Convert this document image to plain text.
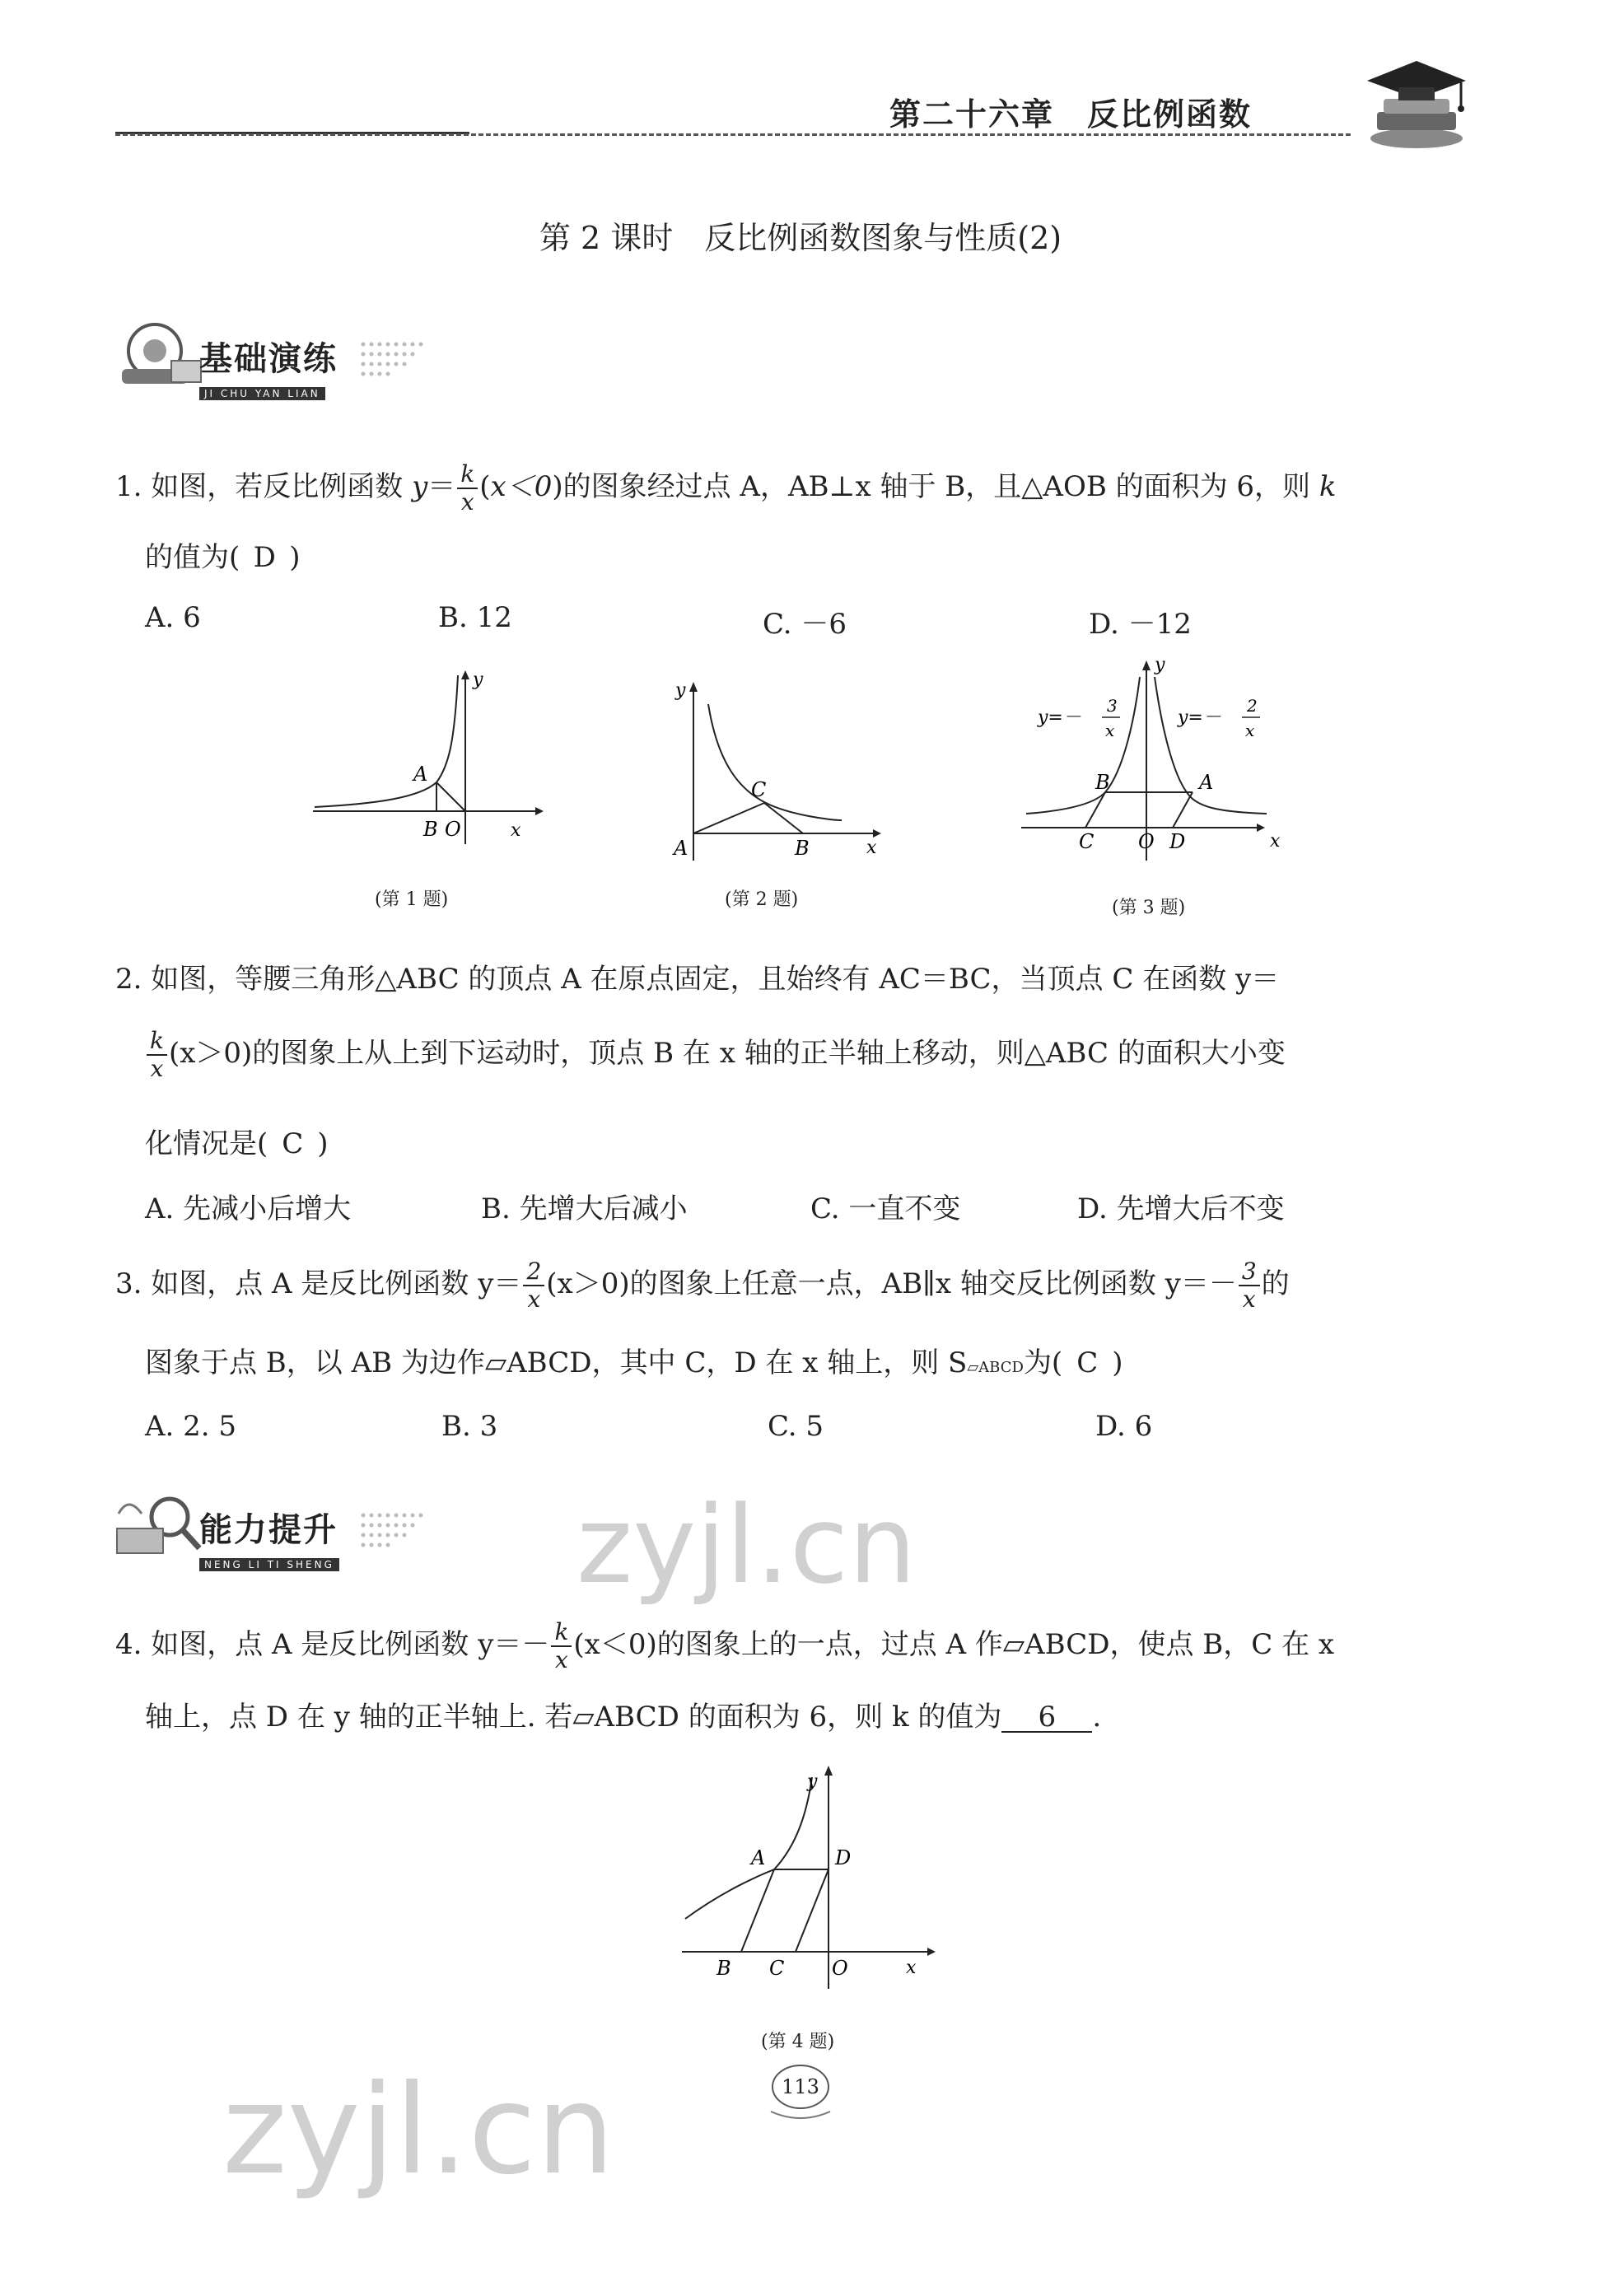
第二十六章　反比例函数
第 2 课时　反比例函数图象与性质(2)
基础演练
JI CHU YAN LIAN
1. 如图，若反比例函数 $y= \frac{k}{x} (x<0)$的图象经过点 A，AB⊥x 轴于 B，且△AOB 的面积为 6，则 k
的值为( D )
A. 6	B. 12	C. －6	D. －12
y
x
A
B O
(第 1 题)
y
x
A	B
C
(第 2 题)
y
x
A
B
C O D
y=－
3
x
y=－
2
x
(第 3 题)
2. 如图，等腰三角形△ABC 的顶点 A 在原点固定，且始终有 AC＝BC，当顶点 C 在函数 y＝
$\frac{k}{x} (x>0)$的图象上从上到下运动时，顶点 B 在 x 轴的正半轴上移动，则△ABC 的面积大小变
化情况是( C )
A. 先减小后增大	B. 先增大后减小	C. 一直不变	D. 先增大后不变
3. 如图，点 A 是反比例函数 $y= \frac{2}{x} (x>0)$的图象上任意一点，AB∥x 轴交反比例函数 $y=- \frac{3}{x}$ 的
图象于点 B，以 AB 为边作▱ABCD，其中 C，D 在 x 轴上，则 S▱ABCD为( C )
A. 2. 5	B. 3	C. 5	D. 6
能力提升
NENG LI TI SHENG
4. 如图，点 A 是反比例函数 $y=- \frac{k}{x} (x<0)$的图象上的一点，过点 A 作▱ABCD，使点 B，C 在 x
轴上，点 D 在 y 轴的正半轴上. 若▱ABCD 的面积为 6，则 k 的值为 6 .
y
x
A	D
B C O
(第 4 题)
113
zyjl.cn
zyjl.cn
